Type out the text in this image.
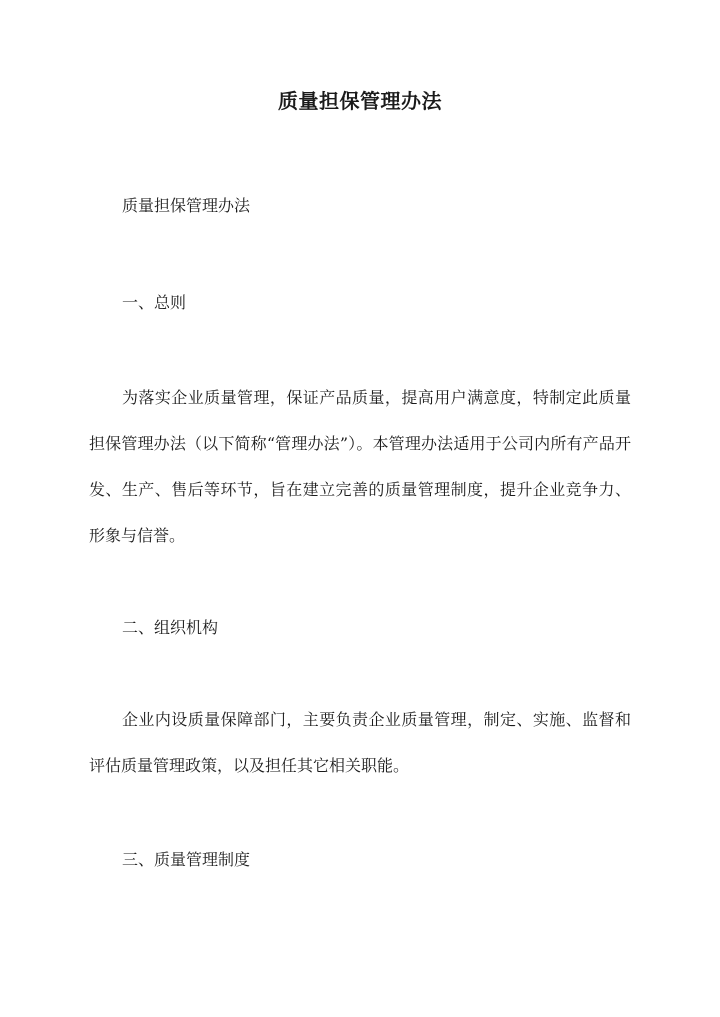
质量担保管理办法

质量担保管理办法

一、总则

为落实企业质量管理，保证产品质量，提高用户满意度，特制定此质量担保管理办法（以下简称“管理办法”）。本管理办法适用于公司内所有产品开发、生产、售后等环节，旨在建立完善的质量管理制度，提升企业竞争力、形象与信誉。

二、组织机构

企业内设质量保障部门，主要负责企业质量管理，制定、实施、监督和评估质量管理政策，以及担任其它相关职能。

三、质量管理制度
